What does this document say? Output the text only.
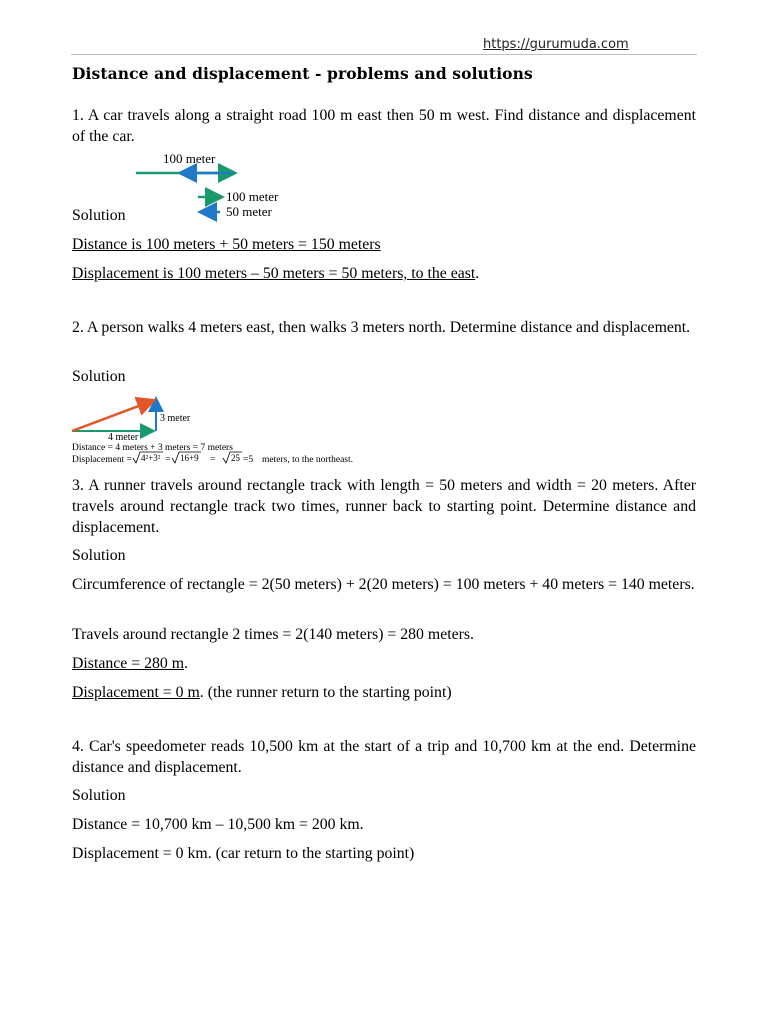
https://gurumuda.com
Distance and displacement - problems and solutions
1. A car travels along a straight road 100 m east then 50 m west. Find distance and displacement of the car.
100 meter
100 meter
50 meter
Solution
Distance is 100 meters + 50 meters = 150 meters
Displacement is 100 meters – 50 meters = 50 meters, to the east.
2. A person walks 4 meters east, then walks 3 meters north. Determine distance and displacement.
Solution
3 meter
4 meter
Distance = 4 meters + 3 meters = 7 meters
Displacement = 4²+3² = 16+9 = 25 =5 meters, to the northeast.
3. A runner travels around rectangle track with length = 50 meters and width = 20 meters. After travels around rectangle track two times, runner back to starting point. Determine distance and displacement.
Solution
Circumference of rectangle = 2(50 meters) + 2(20 meters) = 100 meters + 40 meters = 140 meters.
Travels around rectangle 2 times = 2(140 meters) = 280 meters.
Distance = 280 m.
Displacement = 0 m. (the runner return to the starting point)
4. Car's speedometer reads 10,500 km at the start of a trip and 10,700 km at the end. Determine distance and displacement.
Solution
Distance = 10,700 km – 10,500 km = 200 km.
Displacement = 0 km. (car return to the starting point)
